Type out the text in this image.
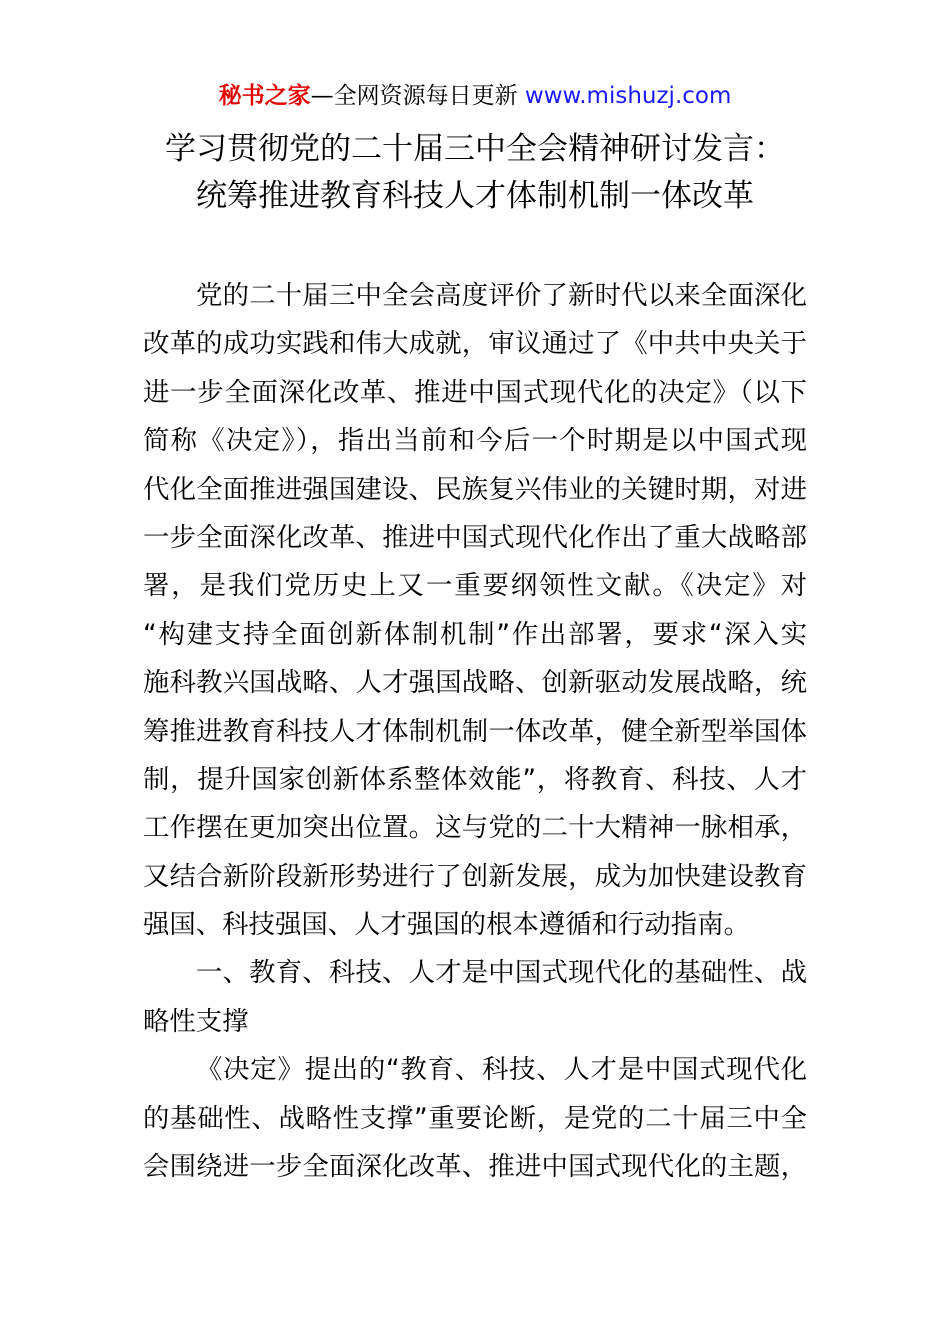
秘书之家—全网资源每日更新 www.mishuzj.com
学习贯彻党的二十届三中全会精神研讨发言：
统筹推进教育科技人才体制机制一体改革
党的二十届三中全会高度评价了新时代以来全面深化
改革的成功实践和伟大成就，审议通过了《中共中央关于
进一步全面深化改革、推进中国式现代化的决定》（以下
简称《决定》），指出当前和今后一个时期是以中国式现
代化全面推进强国建设、民族复兴伟业的关键时期，对进
一步全面深化改革、推进中国式现代化作出了重大战略部
署，是我们党历史上又一重要纲领性文献。《决定》对
“构建支持全面创新体制机制”作出部署，要求“深入实
施科教兴国战略、人才强国战略、创新驱动发展战略，统
筹推进教育科技人才体制机制一体改革，健全新型举国体
制，提升国家创新体系整体效能”，将教育、科技、人才
工作摆在更加突出位置。这与党的二十大精神一脉相承，
又结合新阶段新形势进行了创新发展，成为加快建设教育
强国、科技强国、人才强国的根本遵循和行动指南。
一、教育、科技、人才是中国式现代化的基础性、战
略性支撑
《决定》提出的“教育、科技、人才是中国式现代化
的基础性、战略性支撑”重要论断，是党的二十届三中全
会围绕进一步全面深化改革、推进中国式现代化的主题，
